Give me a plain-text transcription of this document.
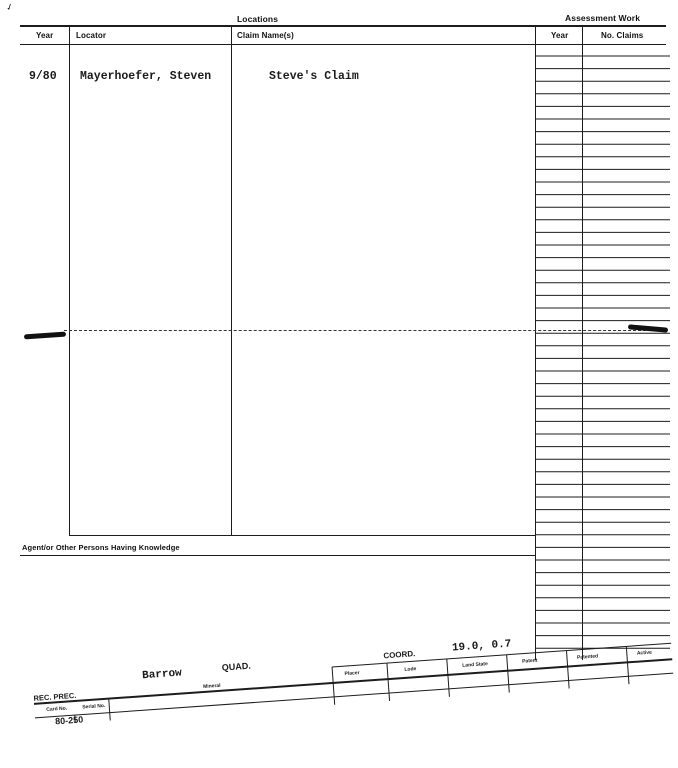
✓
Locations	Assessment Work
Year	Locator	Claim Name(s)	Year	No. Claims
Agent/or Other Persons Having Knowledge
9/80 Mayerhoefer, Steven	Steve's Claim
Barrow
QUAD.
COORD.
19.0, 0.7
REC. PREC.
Card No.	Serial No.
Mineral
Placer
Lode
Land State	Patent
Patented
Active
80-250
